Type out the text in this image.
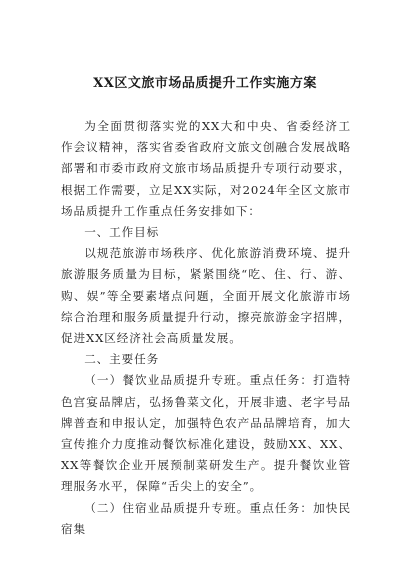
XX区文旅市场品质提升工作实施方案

为全面贯彻落实党的XX大和中央、省委经济工作会议精神，落实省委省政府文旅文创融合发展战略部署和市委市政府文旅市场品质提升专项行动要求，根据工作需要，立足XX实际，对2024年全区文旅市场品质提升工作重点任务安排如下：

一、工作目标

以规范旅游市场秩序、优化旅游消费环境、提升旅游服务质量为目标，紧紧围绕“吃、住、行、游、购、娱”等全要素堵点问题，全面开展文化旅游市场综合治理和服务质量提升行动，擦亮旅游金字招牌，促进XX区经济社会高质量发展。

二、主要任务

（一）餐饮业品质提升专班。重点任务：打造特色宫宴品牌店，弘扬鲁菜文化，开展非遗、老字号品牌普查和申报认定，加强特色农产品品牌培育，加大宣传推介力度推动餐饮标准化建设，鼓励XX、XX、XX等餐饮企业开展预制菜研发生产。提升餐饮业管理服务水平，保障“舌尖上的安全”。

（二）住宿业品质提升专班。重点任务：加快民宿集
